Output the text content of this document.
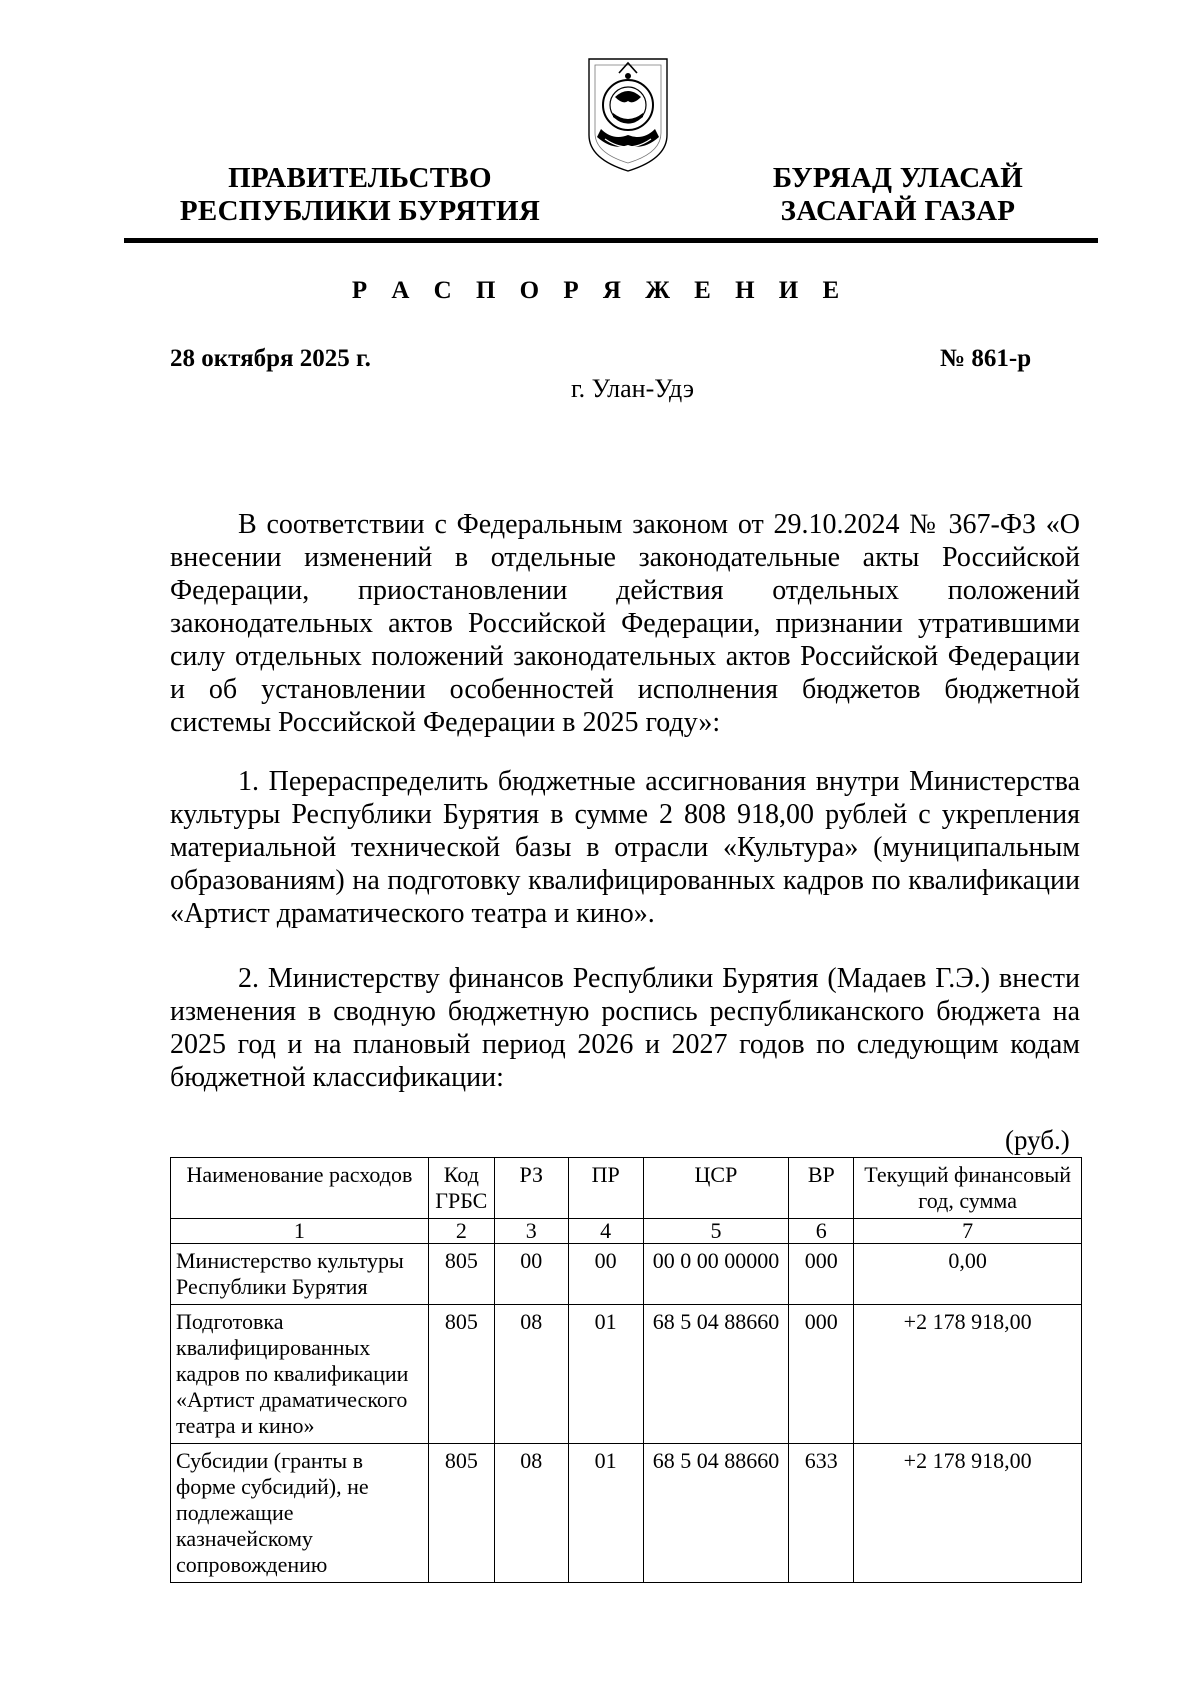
ПРАВИТЕЛЬСТВО
РЕСПУБЛИКИ БУРЯТИЯ
БУРЯАД УЛАСАЙ
ЗАСАГАЙ ГАЗАР
Р А С П О Р Я Ж Е Н И Е
28 октября 2025 г.	№ 861-р
г. Улан-Удэ
В соответствии с Федеральным законом от 29.10.2024 № 367-ФЗ «О внесении изменений в отдельные законодательные акты Российской Федерации, приостановлении действия отдельных положений законодательных актов Российской Федерации, признании утратившими силу отдельных положений законодательных актов Российской Федерации и об установлении особенностей исполнения бюджетов бюджетной системы Российской Федерации в 2025 году»:
1. Перераспределить бюджетные ассигнования внутри Министерства культуры Республики Бурятия в сумме 2 808 918,00 рублей с укрепления материальной технической базы в отрасли «Культура» (муниципальным образованиям) на подготовку квалифицированных кадров по квалификации «Артист драматического театра и кино».
2. Министерству финансов Республики Бурятия (Мадаев Г.Э.) внести изменения в сводную бюджетную роспись республиканского бюджета на 2025 год и на плановый период 2026 и 2027 годов по следующим кодам бюджетной классификации:
(руб.)
Наименование расходов	Код ГРБС	РЗ	ПР	ЦСР	ВР	Текущий финансовый год, сумма
1	2	3	4	5	6	7
Министерство культуры Республики Бурятия	805	00	00	00 0 00 00000	000	0,00
Подготовка квалифицированных кадров по квалификации «Артист драматического театра и кино»	805	08	01	68 5 04 88660	000	+2 178 918,00
Субсидии (гранты в форме субсидий), не подлежащие казначейскому сопровождению	805	08	01	68 5 04 88660	633	+2 178 918,00
